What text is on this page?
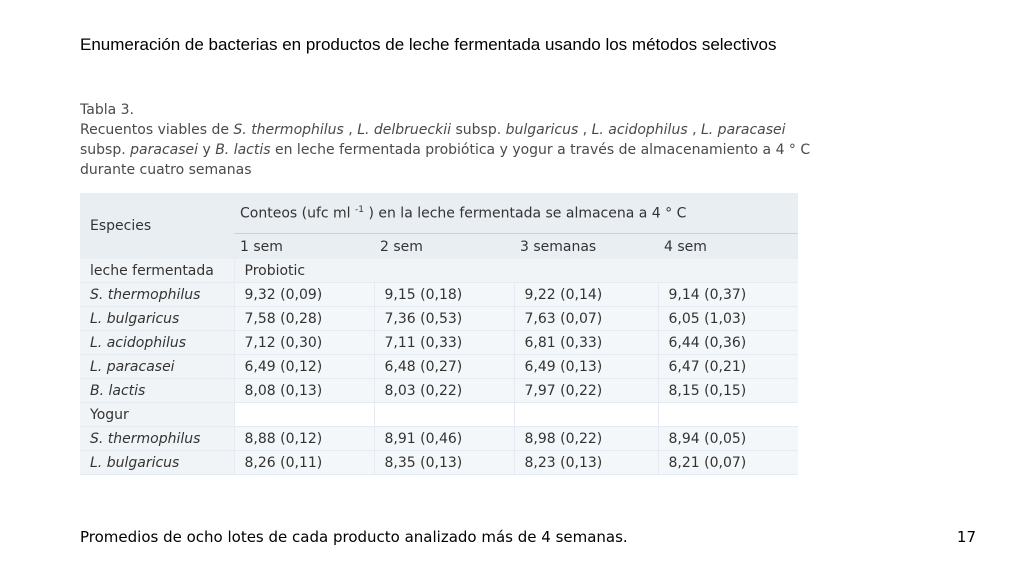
Enumeración de bacterias en productos de leche fermentada usando los métodos selectivos
Tabla 3.
Recuentos viables de S. thermophilus , L. delbrueckii subsp. bulgaricus , L. acidophilus , L. paracasei
subsp. paracasei y B. lactis en leche fermentada probiótica y yogur a través de almacenamiento a 4 ° C
durante cuatro semanas
Especies	Conteos (ufc ml $^{-1}$ ) en la leche fermentada se almacena a 4 ° C			
	1 sem	2 sem	3 semanas	4 sem
leche fermentada	Probiotic			
S. thermophilus	9,32 (0,09)	9,15 (0,18)	9,22 (0,14)	9,14 (0,37)
L. bulgaricus	7,58 (0,28)	7,36 (0,53)	7,63 (0,07)	6,05 (1,03)
L. acidophilus	7,12 (0,30)	7,11 (0,33)	6,81 (0,33)	6,44 (0,36)
L. paracasei	6,49 (0,12)	6,48 (0,27)	6,49 (0,13)	6,47 (0,21)
B. lactis	8,08 (0,13)	8,03 (0,22)	7,97 (0,22)	8,15 (0,15)
Yogur				
S. thermophilus	8,88 (0,12)	8,91 (0,46)	8,98 (0,22)	8,94 (0,05)
L. bulgaricus	8,26 (0,11)	8,35 (0,13)	8,23 (0,13)	8,21 (0,07)
Promedios de ocho lotes de cada producto analizado más de 4 semanas.	17
